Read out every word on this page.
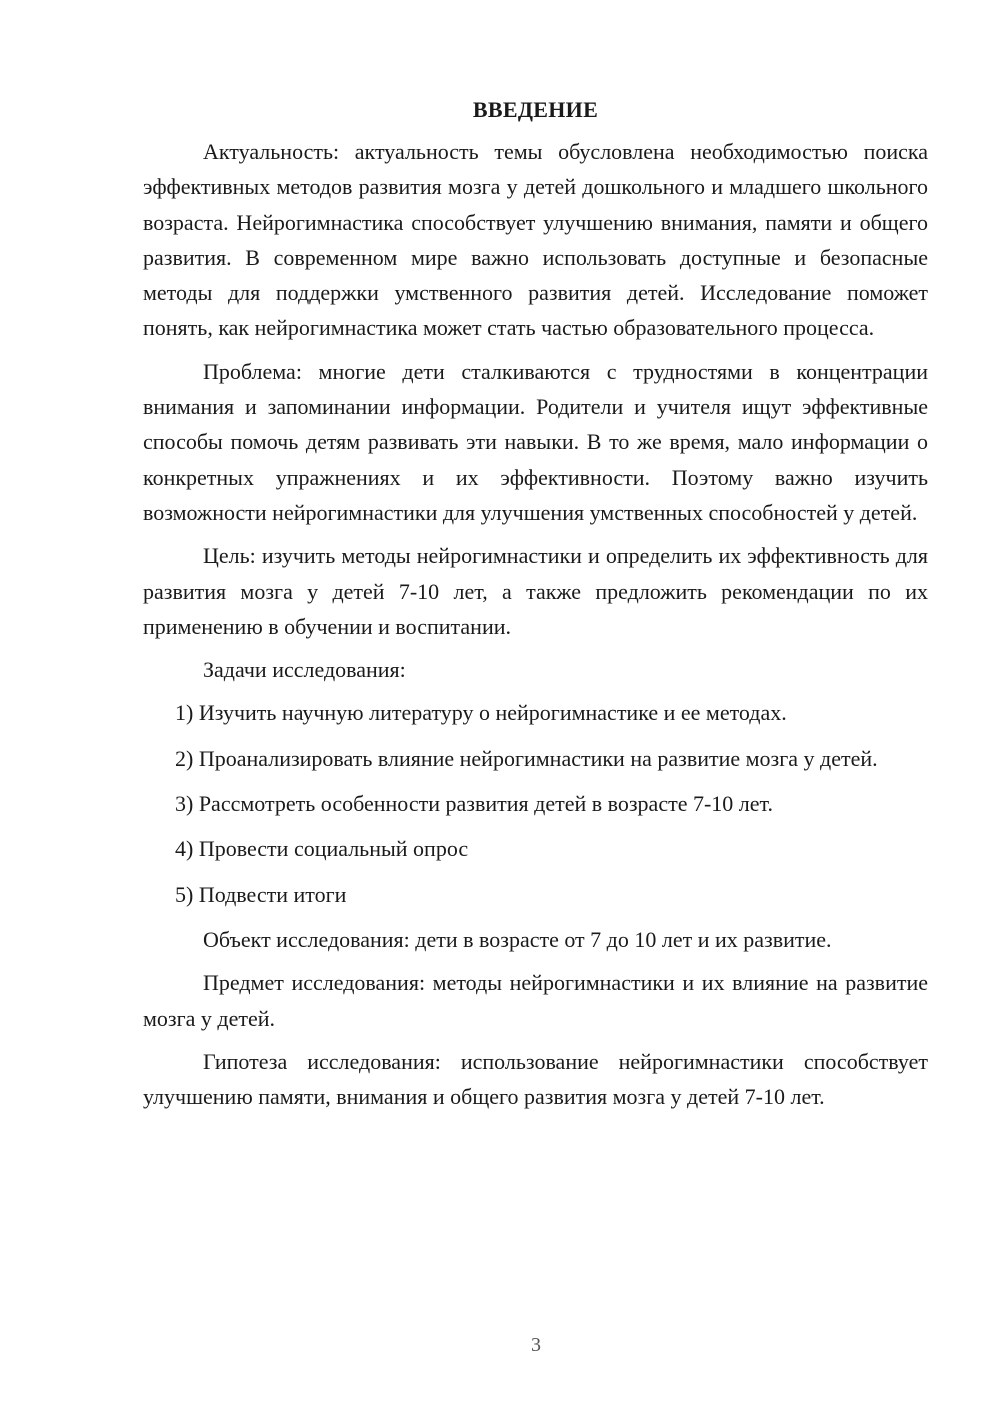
ВВЕДЕНИЕ

Актуальность: актуальность темы обусловлена необходимостью поиска эффективных методов развития мозга у детей дошкольного и младшего школьного возраста. Нейрогимнастика способствует улучшению внимания, памяти и общего развития. В современном мире важно использовать доступные и безопасные методы для поддержки умственного развития детей. Исследование поможет понять, как нейрогимнастика может стать частью образовательного процесса.

Проблема: многие дети сталкиваются с трудностями в концентрации внимания и запоминании информации. Родители и учителя ищут эффективные способы помочь детям развивать эти навыки. В то же время, мало информации о конкретных упражнениях и их эффективности. Поэтому важно изучить возможности нейрогимнастики для улучшения умственных способностей у детей.

Цель: изучить методы нейрогимнастики и определить их эффективность для развития мозга у детей 7-10 лет, а также предложить рекомендации по их применению в обучении и воспитании.

Задачи исследования:

1) Изучить научную литературу о нейрогимнастике и ее методах.

2) Проанализировать влияние нейрогимнастики на развитие мозга у детей.

3) Рассмотреть особенности развития детей в возрасте 7-10 лет.

4) Провести социальный опрос

5) Подвести итоги

Объект исследования: дети в возрасте от 7 до 10 лет и их развитие.

Предмет исследования: методы нейрогимнастики и их влияние на развитие мозга у детей.

Гипотеза исследования: использование нейрогимнастики способствует улучшению памяти, внимания и общего развития мозга у детей 7-10 лет.

3
